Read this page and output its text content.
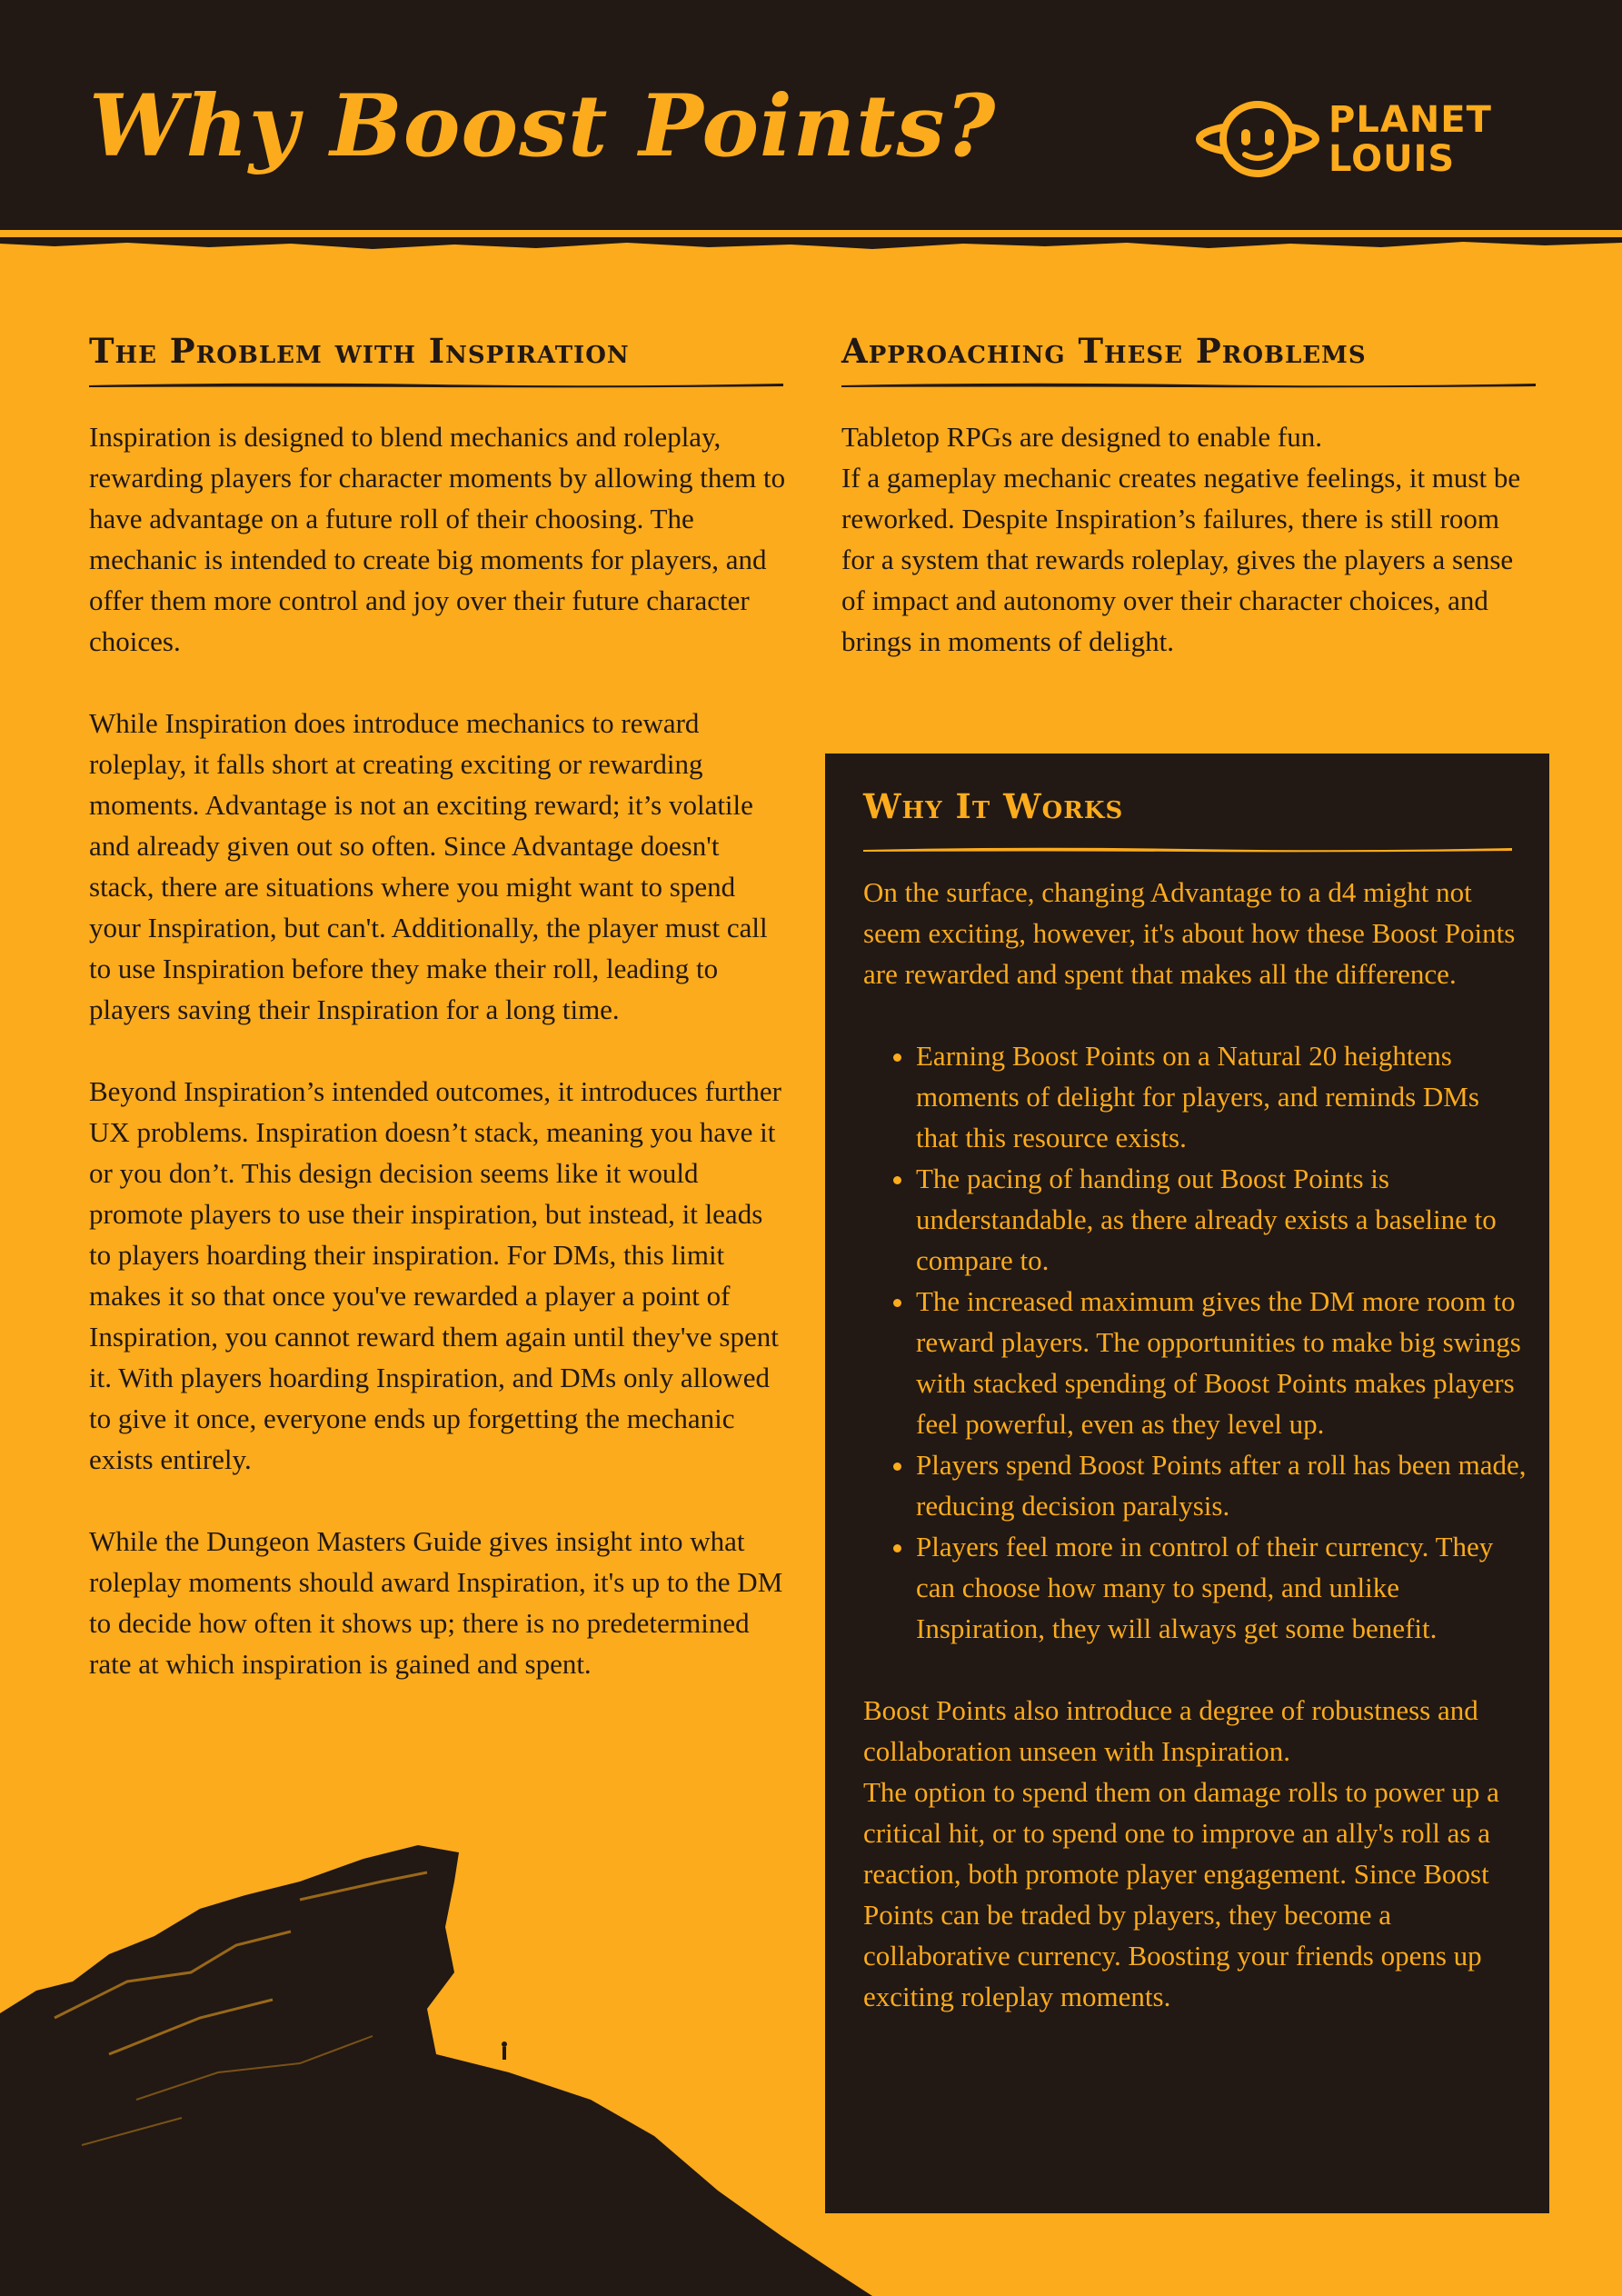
Why Boost Points?	PLANET
LOUIS
The Problem with Inspiration

Inspiration is designed to blend mechanics and roleplay, rewarding players for character moments by allowing them to have advantage on a future roll of their choosing. The mechanic is intended to create big moments for players, and offer them more control and joy over their future character choices.

While Inspiration does introduce mechanics to reward roleplay, it falls short at creating exciting or rewarding moments. Advantage is not an exciting reward; it’s volatile and already given out so often. Since Advantage doesn't stack, there are situations where you might want to spend your Inspiration, but can't. Additionally, the player must call to use Inspiration before they make their roll, leading to players saving their Inspiration for a long time.

Beyond Inspiration’s intended outcomes, it introduces further UX problems. Inspiration doesn’t stack, meaning you have it or you don’t. This design decision seems like it would promote players to use their inspiration, but instead, it leads to players hoarding their inspiration. For DMs, this limit makes it so that once you've rewarded a player a point of Inspiration, you cannot reward them again until they've spent it. With players hoarding Inspiration, and DMs only allowed to give it once, everyone ends up forgetting the mechanic exists entirely.

While the Dungeon Masters Guide gives insight into what roleplay moments should award Inspiration, it's up to the DM to decide how often it shows up; there is no predetermined rate at which inspiration is gained and spent.

Approaching These Problems
Tabletop RPGs are designed to enable fun.
If a gameplay mechanic creates negative feelings, it must be reworked. Despite Inspiration’s failures, there is still room for a system that rewards roleplay, gives the players a sense of impact and autonomy over their character choices, and brings in moments of delight.
Why It Works

On the surface, changing Advantage to a d4 might not seem exciting, however, it's about how these Boost Points are rewarded and spent that makes all the difference.

• Earning Boost Points on a Natural 20 heightens moments of delight for players, and reminds DMs that this resource exists.
• The pacing of handing out Boost Points is understandable, as there already exists a baseline to compare to.
• The increased maximum gives the DM more room to reward players. The opportunities to make big swings with stacked spending of Boost Points makes players feel powerful, even as they level up.
• Players spend Boost Points after a roll has been made, reducing decision paralysis.
• Players feel more in control of their currency. They can choose how many to spend, and unlike Inspiration, they will always get some benefit.

Boost Points also introduce a degree of robustness and collaboration unseen with Inspiration.

The option to spend them on damage rolls to power up a critical hit, or to spend one to improve an ally's roll as a reaction, both promote player engagement. Since Boost Points can be traded by players, they become a collaborative currency. Boosting your friends opens up exciting roleplay moments.
